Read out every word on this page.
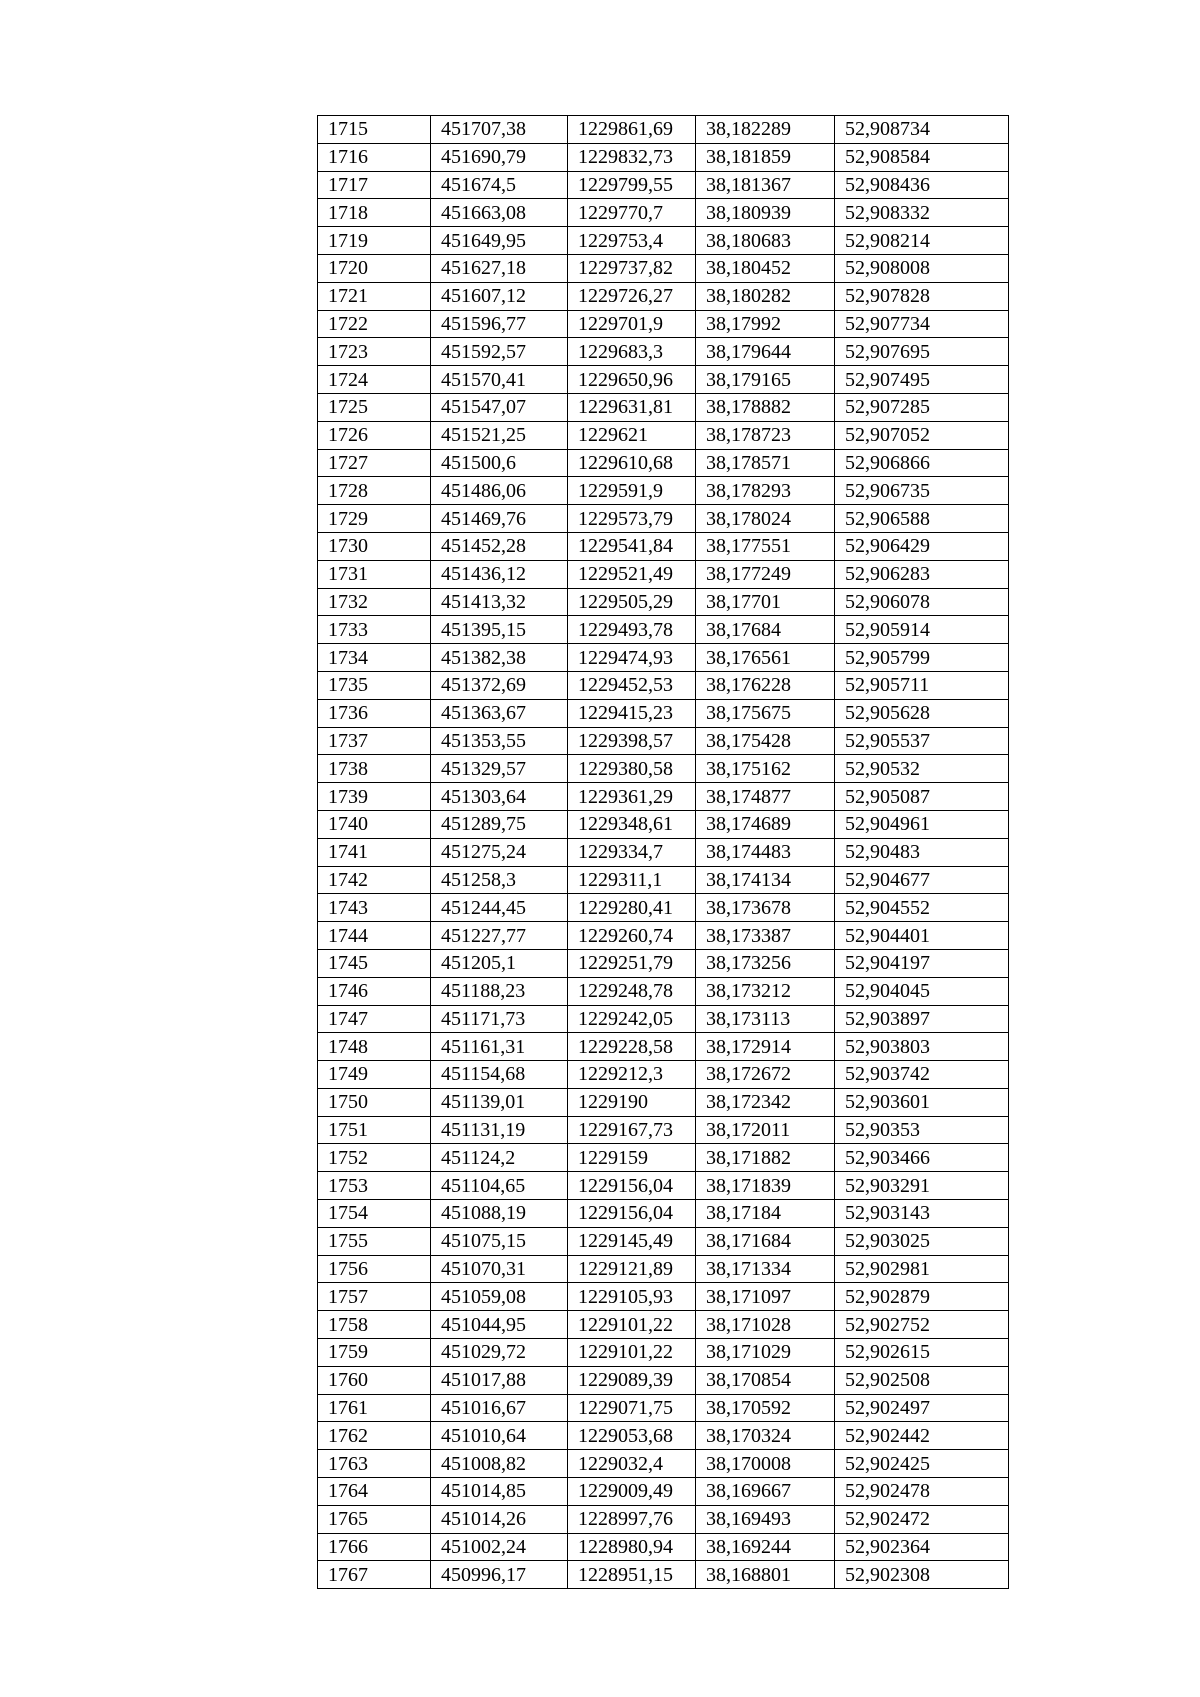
1715	451707,38	1229861,69	38,182289	52,908734
1716	451690,79	1229832,73	38,181859	52,908584
1717	451674,5	1229799,55	38,181367	52,908436
1718	451663,08	1229770,7	38,180939	52,908332
1719	451649,95	1229753,4	38,180683	52,908214
1720	451627,18	1229737,82	38,180452	52,908008
1721	451607,12	1229726,27	38,180282	52,907828
1722	451596,77	1229701,9	38,17992	52,907734
1723	451592,57	1229683,3	38,179644	52,907695
1724	451570,41	1229650,96	38,179165	52,907495
1725	451547,07	1229631,81	38,178882	52,907285
1726	451521,25	1229621	38,178723	52,907052
1727	451500,6	1229610,68	38,178571	52,906866
1728	451486,06	1229591,9	38,178293	52,906735
1729	451469,76	1229573,79	38,178024	52,906588
1730	451452,28	1229541,84	38,177551	52,906429
1731	451436,12	1229521,49	38,177249	52,906283
1732	451413,32	1229505,29	38,17701	52,906078
1733	451395,15	1229493,78	38,17684	52,905914
1734	451382,38	1229474,93	38,176561	52,905799
1735	451372,69	1229452,53	38,176228	52,905711
1736	451363,67	1229415,23	38,175675	52,905628
1737	451353,55	1229398,57	38,175428	52,905537
1738	451329,57	1229380,58	38,175162	52,90532
1739	451303,64	1229361,29	38,174877	52,905087
1740	451289,75	1229348,61	38,174689	52,904961
1741	451275,24	1229334,7	38,174483	52,90483
1742	451258,3	1229311,1	38,174134	52,904677
1743	451244,45	1229280,41	38,173678	52,904552
1744	451227,77	1229260,74	38,173387	52,904401
1745	451205,1	1229251,79	38,173256	52,904197
1746	451188,23	1229248,78	38,173212	52,904045
1747	451171,73	1229242,05	38,173113	52,903897
1748	451161,31	1229228,58	38,172914	52,903803
1749	451154,68	1229212,3	38,172672	52,903742
1750	451139,01	1229190	38,172342	52,903601
1751	451131,19	1229167,73	38,172011	52,90353
1752	451124,2	1229159	38,171882	52,903466
1753	451104,65	1229156,04	38,171839	52,903291
1754	451088,19	1229156,04	38,17184	52,903143
1755	451075,15	1229145,49	38,171684	52,903025
1756	451070,31	1229121,89	38,171334	52,902981
1757	451059,08	1229105,93	38,171097	52,902879
1758	451044,95	1229101,22	38,171028	52,902752
1759	451029,72	1229101,22	38,171029	52,902615
1760	451017,88	1229089,39	38,170854	52,902508
1761	451016,67	1229071,75	38,170592	52,902497
1762	451010,64	1229053,68	38,170324	52,902442
1763	451008,82	1229032,4	38,170008	52,902425
1764	451014,85	1229009,49	38,169667	52,902478
1765	451014,26	1228997,76	38,169493	52,902472
1766	451002,24	1228980,94	38,169244	52,902364
1767	450996,17	1228951,15	38,168801	52,902308
